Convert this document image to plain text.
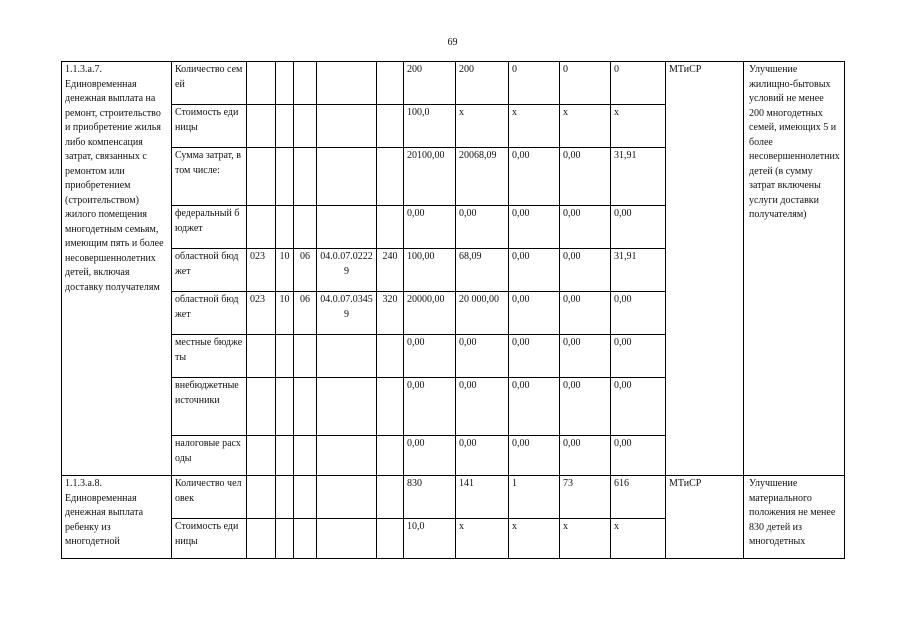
69
1.1.3.а.7. Единовременная денежная выплата на ремонт, строительство и приобретение жилья либо компенсация затрат, связанных с ремонтом или приобретением (строительством) жилого помещения многодетным семьям, имеющим пять и более несовершеннолетних детей, включая доставку получателям	Количество семей						200	200	0	0	0	МТиСР	Улучшение жилищно-бытовых условий не менее 200 многодетных семей, имеющих 5 и более несовершеннолетних детей (в сумму затрат включены услуги доставки получателям)
	Стоимость единицы						100,0	x	x	x	x		
	Сумма затрат, в том числе:						20100,00	20068,09	0,00	0,00	31,91		
	федеральный бюджет						0,00	0,00	0,00	0,00	0,00		
	областной бюджет	023	10	06	04.0.07.02229	240	100,00	68,09	0,00	0,00	31,91		
	областной бюджет	023	10	06	04.0.07.03459	320	20000,00	20 000,00	0,00	0,00	0,00		
	местные бюджеты						0,00	0,00	0,00	0,00	0,00		
	внебюджетные источники						0,00	0,00	0,00	0,00	0,00		
	налоговые расходы						0,00	0,00	0,00	0,00	0,00		
1.1.3.а.8. Единовременная денежная выплата ребенку из многодетной	Количество человек						830	141	1	73	616	МТиСР	Улучшение материального положения не менее 830 детей из многодетных
	Стоимость единицы						10,0	x	x	x	x		
